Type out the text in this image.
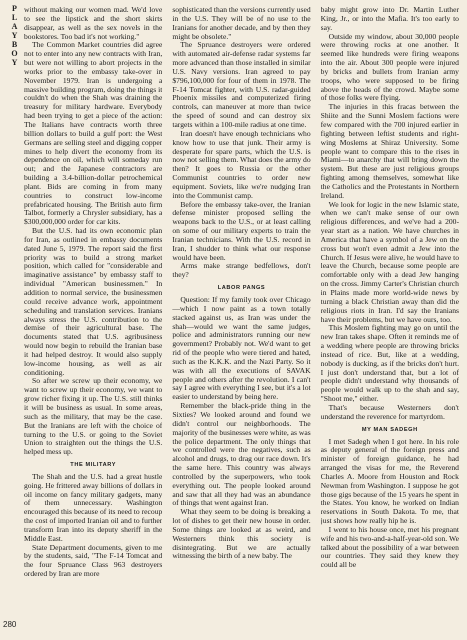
PLAYBOY without making our women mad. We'd love to see the lipstick and the short skirts disappear, as well as the sex novels in the bookstores. Too bad it's not working."

The Common Market countries did agree not to enter into any new contracts with Iran, but were not willing to abort projects in the works prior to the embassy take-over in November 1979. Iran is undergoing a massive building program, doing the things it couldn't do when the Shah was draining the treasury for military hardware. Everybody had been trying to get a piece of the action: The Italians have contracts worth three billion dollars to build a gulf port: the West Germans are selling steel and digging copper mines to help divert the economy from its dependence on oil, which will someday run out; and the Japanese contractors are building a 3.4-billion-dollar petrochemical plant. Bids are coming in from many countries to construct low-income prefabricated housing. The British auto firm Talbot, formerly a Chrysler subsidiary, has a $300,000,000 order for car kits.

But the U.S. had its own economic plan for Iran, as outlined in embassy documents dated June 5, 1979. The report said the first priority was to build a strong market position, which called for "considerable and imaginative assistance" by embassy staff to individual "American businessmen." In addition to normal service, the businessmen could receive advance work, appointment scheduling and translation services. Iranians always stress the U.S. contribution to the demise of their agricultural base. The documents stated that U.S. agribusiness would now begin to rebuild the Iranian base it had helped destroy. It would also supply low-income housing, as well as air conditioning.

So after we screw up their economy, we want to screw up their economy, we want to grow richer fixing it up. The U.S. still thinks it will be business as usual. In some areas, such as the military, that may be the case. But the Iranians are left with the choice of turning to the U.S. or going to the Soviet Union to straighten out the things the U.S. helped mess up.

THE MILITARY

The Shah and the U.S. had a great hustle going. He frittered away billions of dollars in oil income on fancy military gadgets, many of them unnecessary. Washington encouraged this because of its need to recoup the cost of imported Iranian oil and to further transform Iran into its deputy sheriff in the Middle East.

State Department documents, given to me by the students, said, "The F-14 Tomcat and the four Spruance Class 963 destroyers ordered by Iran are more

sophisticated than the versions currently used in the U.S. They will be of no use to the Iranians for another decade, and by then they might be obsolete."

The Spruance destroyers were ordered with automated air-defense radar systems far more advanced than those installed in similar U.S. Navy versions. Iran agreed to pay $796,100,000 for four of them in 1978. The F-14 Tomcat fighter, with U.S. radar-guided Phoenix missiles and computerized firing controls, can maneuver at more than twice the speed of sound and can destroy six targets within a 100-mile radius at one time.

Iran doesn't have enough technicians who know how to use that junk. Their army is desperate for spare parts, which the U.S. is now not selling them. What does the army do then? It goes to Russia or the other Communist countries to order new equipment. Soviets, like we're nudging Iran into the Communist camp.

Before the embassy take-over, the Iranian defense minister proposed selling the weapons back to the U.S., or at least calling on some of our military experts to train the Iranian technicians. With the U.S. record in Iran, I shudder to think what our response would have been.

Arms make strange bedfellows, don't they?

LABOR PANGS

Question: If my family took over Chicago—which I now paint as a town totally stacked against us, as Iran was under the shah—would we want the same judges, police and administrators running our new government? Probably not. We'd want to get rid of the people who were tiered and hated, such as the K.K.K. and the Nazi Party. So it was with all the executions of SAVAK people and others after the revolution. I can't say I agree with everything I see, but it's a lot easier to understand by being here.

Remember the black-pride thing in the Sixties? We looked around and found we didn't control our neighborhoods. The majority of the businesses were white, as was the police department. The only things that we controlled were the negatives, such as alcohol and drugs, to drag our race down. It's the same here. This country was always controlled by the superpowers, who took everything out. The people looked around and saw that all they had was an abundance of things that went against Iran.

What they seem to be doing is breaking a lot of dishes to get their new house in order. Some things are looked at as weird, and Westerners think this society is disintegrating. But we are actually witnessing the birth of a new baby. The

baby might grow into Dr. Martin Luther King, Jr., or into the Mafia. It's too early to say.

Outside my window, about 30,000 people were throwing rocks at one another. It seemed like hundreds were firing weapons into the air. About 300 people were injured by bricks and bullets from Iranian army troops, who were supposed to be firing above the heads of the crowd. Maybe some of those folks were flying.

The injuries in this fracas between the Shiite and the Sunni Moslem factions were few compared with the 700 injured earlier in fighting between leftist students and right-wing Moslems at Shiraz University. Some people want to compare this to the rises in Miami—to anarchy that will bring down the system. But these are just religious groups fighting among themselves, somewhat like the Catholics and the Protestants in Northern Ireland.

We look for logic in the new Islamic state, when we can't make sense of our own religious differences, and we've had a 200-year start as a nation. We have churches in America that have a symbol of a Jew on the cross but won't even admit a Jew into the Church. If Jesus were alive, he would have to leave the Church, because some people are comfortable only with a dead Jew hanging on the cross. Jimmy Carter's Christian church in Plains made more world-wide news by turning a black Christian away than did the religious riots in Iran. I'd say the Iranians have their problems, but we have ours, too.

This Moslem fighting may go on until the new Iran takes shape. Often it reminds me of a wedding where people are throwing bricks instead of rice. But, like at a wedding, nobody is ducking, as if the bricks don't hurt. I just don't understand that, but a lot of people didn't understand why thousands of people would walk up to the shah and say, "Shoot me," either.

That's because Westerners don't understand the reverence for martyrdom.

MY MAN SADEGH

I met Sadegh when I got here. In his role as deputy general of the foreign press and minister of foreign guidance, he had arranged the visas for me, the Reverend Charles A. Moore from Houston and Rock Newman from Washington. I suppose he got those gigs because of the 15 years he spent in the States. You know, he worked on Indian reservations in South Dakota. To me, that just shows how really hip he is.

I went to his house once, met his pregnant wife and his two-and-a-half-year-old son. We talked about the possibility of a war between our countries. They said they knew they could all be

280
